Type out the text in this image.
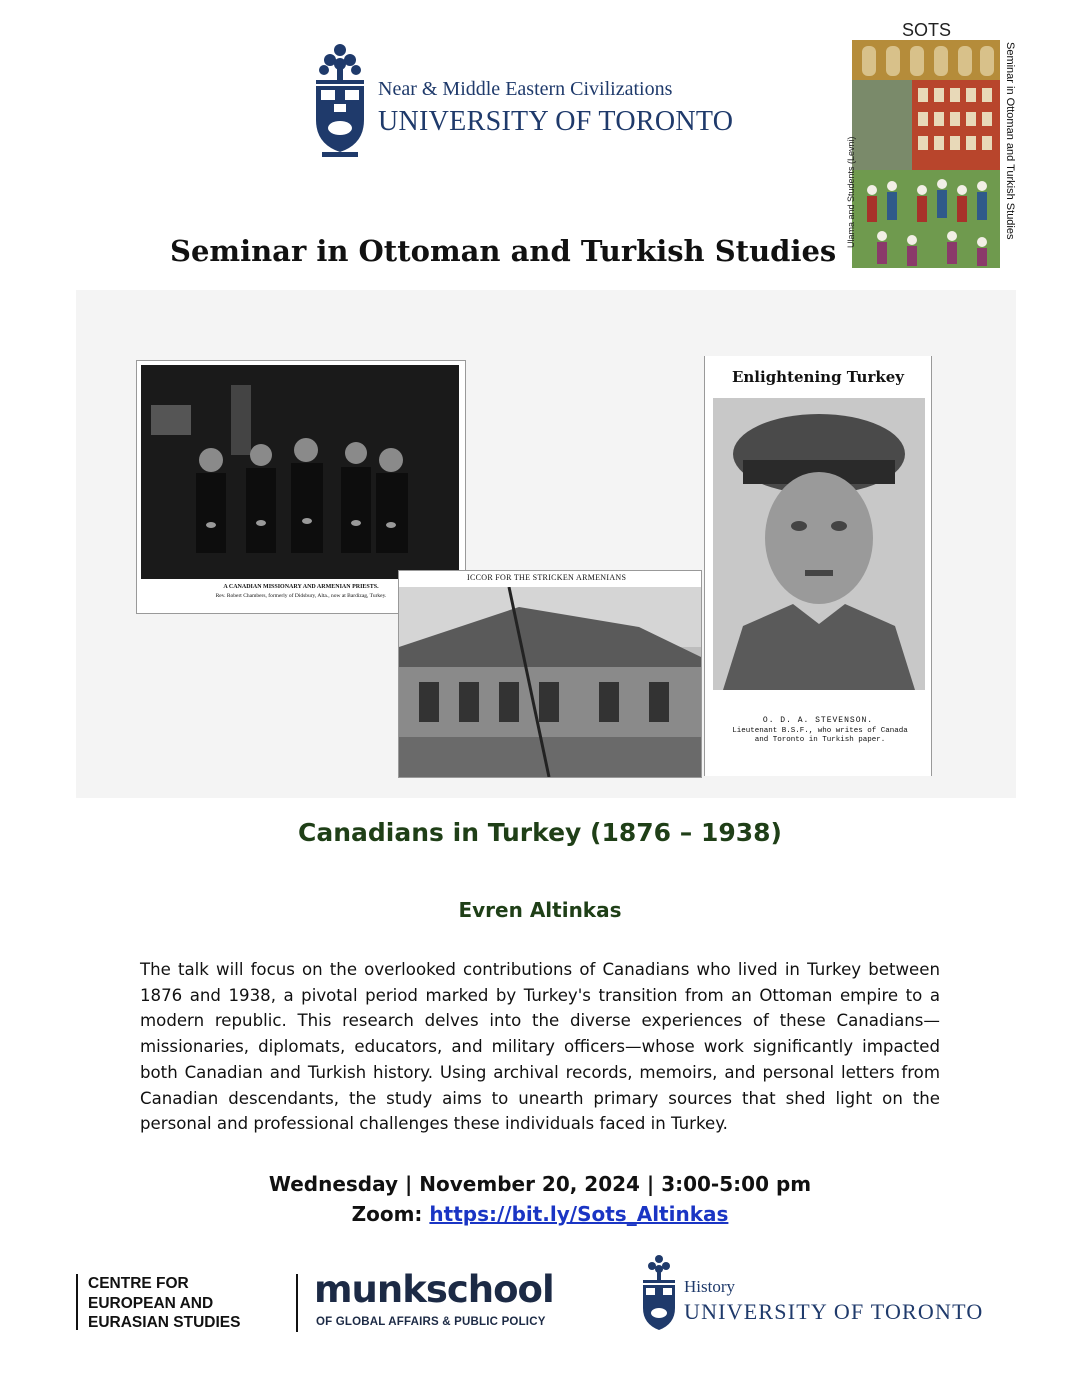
Near & Middle Eastern Civilizations
UNIVERSITY OF TORONTO
Seminar in Ottoman and Turkish Studies
SOTS
Ulama and Students (Levni)	Seminar in Ottoman and Turkish Studies
A CANADIAN MISSIONARY AND ARMENIAN PRIESTS.
Rev. Robert Chambers, formerly of Didsbury, Alta., now at Bardizag, Turkey.
ICCOR FOR THE STRICKEN ARMENIANS
Enlightening Turkey
O. D. A. STEVENSON.
Lieutenant B.S.F., who writes of Canada
and Toronto in Turkish paper.
Canadians in Turkey (1876 – 1938)
Evren Altinkas
The talk will focus on the overlooked contributions of Canadians who lived in Turkey between 1876 and 1938, a pivotal period marked by Turkey's transition from an Ottoman empire to a modern republic. This research delves into the diverse experiences of these Canadians—missionaries, diplomats, educators, and military officers—whose work significantly impacted both Canadian and Turkish history. Using archival records, memoirs, and personal letters from Canadian descendants, the study aims to unearth primary sources that shed light on the personal and professional challenges these individuals faced in Turkey.
Wednesday | November 20, 2024 | 3:00-5:00 pm
Zoom: https://bit.ly/Sots_Altinkas
CENTRE FOR
EUROPEAN AND
EURASIAN STUDIES
munkschool
OF GLOBAL AFFAIRS & PUBLIC POLICY
History
UNIVERSITY OF TORONTO
